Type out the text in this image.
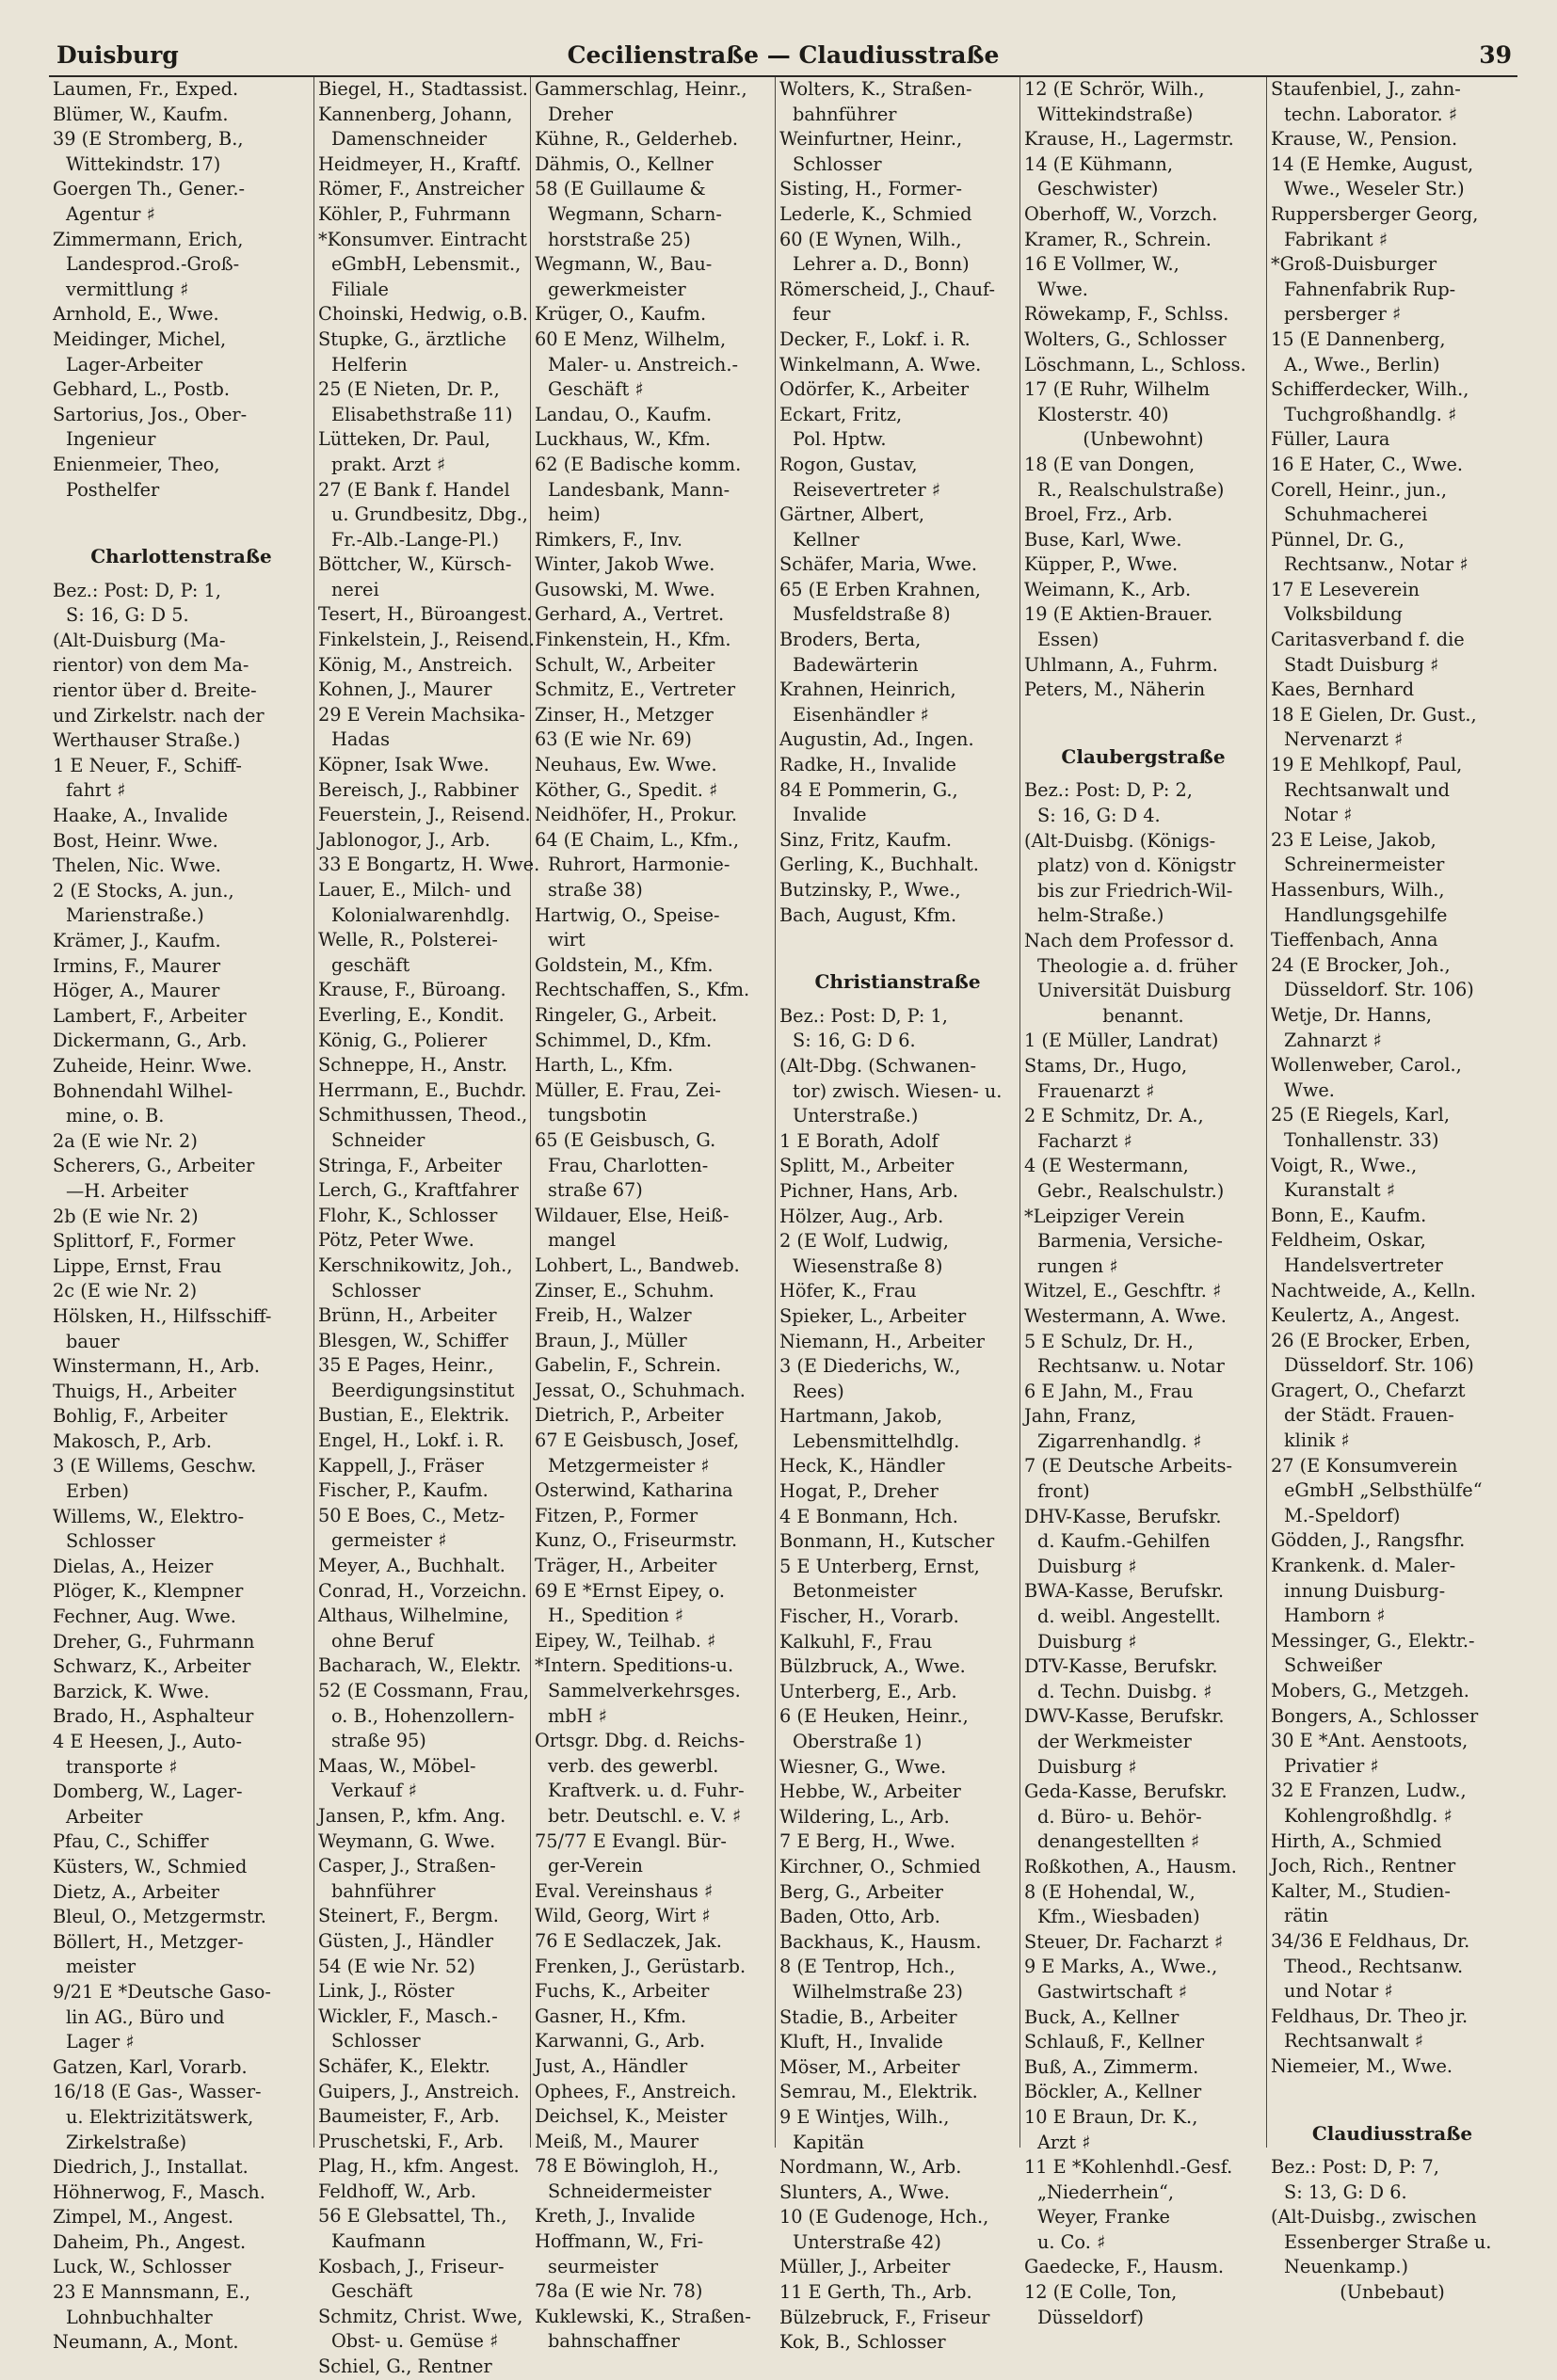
Duisburg	Cecilienstraße — Claudiusstraße	39
Laumen, Fr., Exped.
Blümer, W., Kaufm.
39 (E Stromberg, B.,
Wittekindstr. 17)
Goergen Th., Gener.-
Agentur ♯
Zimmermann, Erich,
Landesprod.-Groß-
vermittlung ♯
Arnhold, E., Wwe.
Meidinger, Michel,
Lager-Arbeiter
Gebhard, L., Postb.
Sartorius, Jos., Ober-
Ingenieur
Enienmeier, Theo,
Posthelfer
Charlottenstraße
Bez.: Post: D, P: 1,
S: 16, G: D 5.
(Alt-Duisburg (Ma-
rientor) von dem Ma-
rientor über d. Breite-
und Zirkelstr. nach der
Werthauser Straße.)
1 E Neuer, F., Schiff-
fahrt ♯
Haake, A., Invalide
Bost, Heinr. Wwe.
Thelen, Nic. Wwe.
2 (E Stocks, A. jun.,
Marienstraße.)
Krämer, J., Kaufm.
Irmins, F., Maurer
Höger, A., Maurer
Lambert, F., Arbeiter
Dickermann, G., Arb.
Zuheide, Heinr. Wwe.
Bohnendahl Wilhel-
mine, o. B.
2a (E wie Nr. 2)
Scherers, G., Arbeiter
—H. Arbeiter
2b (E wie Nr. 2)
Splittorf, F., Former
Lippe, Ernst, Frau
2c (E wie Nr. 2)
Hölsken, H., Hilfsschiff-
bauer
Winstermann, H., Arb.
Thuigs, H., Arbeiter
Bohlig, F., Arbeiter
Makosch, P., Arb.
3 (E Willems, Geschw.
Erben)
Willems, W., Elektro-
Schlosser
Dielas, A., Heizer
Plöger, K., Klempner
Fechner, Aug. Wwe.
Dreher, G., Fuhrmann
Schwarz, K., Arbeiter
Barzick, K. Wwe.
Brado, H., Asphalteur
4 E Heesen, J., Auto-
transporte ♯
Domberg, W., Lager-
Arbeiter
Pfau, C., Schiffer
Küsters, W., Schmied
Dietz, A., Arbeiter
Bleul, O., Metzgermstr.
Böllert, H., Metzger-
meister
9/21 E *Deutsche Gaso-
lin AG., Büro und
Lager ♯
Gatzen, Karl, Vorarb.
16/18 (E Gas-, Wasser-
u. Elektrizitätswerk,
Zirkelstraße)
Diedrich, J., Installat.
Höhnerwog, F., Masch.
Zimpel, M., Angest.
Daheim, Ph., Angest.
Luck, W., Schlosser
23 E Mannsmann, E.,
Lohnbuchhalter
Neumann, A., Mont.
Biegel, H., Stadtassist.
Kannenberg, Johann,
Damenschneider
Heidmeyer, H., Kraftf.
Römer, F., Anstreicher
Köhler, P., Fuhrmann
*Konsumver. Eintracht
eGmbH, Lebensmit.,
Filiale
Choinski, Hedwig, o.B.
Stupke, G., ärztliche
Helferin
25 (E Nieten, Dr. P.,
Elisabethstraße 11)
Lütteken, Dr. Paul,
prakt. Arzt ♯
27 (E Bank f. Handel
u. Grundbesitz, Dbg.,
Fr.-Alb.-Lange-Pl.)
Böttcher, W., Kürsch-
nerei
Tesert, H., Büroangest.
Finkelstein, J., Reisend.
König, M., Anstreich.
Kohnen, J., Maurer
29 E Verein Machsika-
Hadas
Köpner, Isak Wwe.
Bereisch, J., Rabbiner
Feuerstein, J., Reisend.
Jablonogor, J., Arb.
33 E Bongartz, H. Wwe.
Lauer, E., Milch- und
Kolonialwarenhdlg.
Welle, R., Polsterei-
geschäft
Krause, F., Büroang.
Everling, E., Kondit.
König, G., Polierer
Schneppe, H., Anstr.
Herrmann, E., Buchdr.
Schmithussen, Theod.,
Schneider
Stringa, F., Arbeiter
Lerch, G., Kraftfahrer
Flohr, K., Schlosser
Pötz, Peter Wwe.
Kerschnikowitz, Joh.,
Schlosser
Brünn, H., Arbeiter
Blesgen, W., Schiffer
35 E Pages, Heinr.,
Beerdigungsinstitut
Bustian, E., Elektrik.
Engel, H., Lokf. i. R.
Kappell, J., Fräser
Fischer, P., Kaufm.
50 E Boes, C., Metz-
germeister ♯
Meyer, A., Buchhalt.
Conrad, H., Vorzeichn.
Althaus, Wilhelmine,
ohne Beruf
Bacharach, W., Elektr.
52 (E Cossmann, Frau,
o. B., Hohenzollern-
straße 95)
Maas, W., Möbel-
Verkauf ♯
Jansen, P., kfm. Ang.
Weymann, G. Wwe.
Casper, J., Straßen-
bahnführer
Steinert, F., Bergm.
Güsten, J., Händler
54 (E wie Nr. 52)
Link, J., Röster
Wickler, F., Masch.-
Schlosser
Schäfer, K., Elektr.
Guipers, J., Anstreich.
Baumeister, F., Arb.
Pruschetski, F., Arb.
Plag, H., kfm. Angest.
Feldhoff, W., Arb.
56 E Glebsattel, Th.,
Kaufmann
Kosbach, J., Friseur-
Geschäft
Schmitz, Christ. Wwe,
Obst- u. Gemüse ♯
Schiel, G., Rentner
Gammerschlag, Heinr.,
Dreher
Kühne, R., Gelderheb.
Dähmis, O., Kellner
58 (E Guillaume &
Wegmann, Scharn-
horststraße 25)
Wegmann, W., Bau-
gewerkmeister
Krüger, O., Kaufm.
60 E Menz, Wilhelm,
Maler- u. Anstreich.-
Geschäft ♯
Landau, O., Kaufm.
Luckhaus, W., Kfm.
62 (E Badische komm.
Landesbank, Mann-
heim)
Rimkers, F., Inv.
Winter, Jakob Wwe.
Gusowski, M. Wwe.
Gerhard, A., Vertret.
Finkenstein, H., Kfm.
Schult, W., Arbeiter
Schmitz, E., Vertreter
Zinser, H., Metzger
63 (E wie Nr. 69)
Neuhaus, Ew. Wwe.
Köther, G., Spedit. ♯
Neidhöfer, H., Prokur.
64 (E Chaim, L., Kfm.,
Ruhrort, Harmonie-
straße 38)
Hartwig, O., Speise-
wirt
Goldstein, M., Kfm.
Rechtschaffen, S., Kfm.
Ringeler, G., Arbeit.
Schimmel, D., Kfm.
Harth, L., Kfm.
Müller, E. Frau, Zei-
tungsbotin
65 (E Geisbusch, G.
Frau, Charlotten-
straße 67)
Wildauer, Else, Heiß-
mangel
Lohbert, L., Bandweb.
Zinser, E., Schuhm.
Freib, H., Walzer
Braun, J., Müller
Gabelin, F., Schrein.
Jessat, O., Schuhmach.
Dietrich, P., Arbeiter
67 E Geisbusch, Josef,
Metzgermeister ♯
Osterwind, Katharina
Fitzen, P., Former
Kunz, O., Friseurmstr.
Träger, H., Arbeiter
69 E *Ernst Eipey, o.
H., Spedition ♯
Eipey, W., Teilhab. ♯
*Intern. Speditions-u.
Sammelverkehrsges.
mbH ♯
Ortsgr. Dbg. d. Reichs-
verb. des gewerbl.
Kraftverk. u. d. Fuhr-
betr. Deutschl. e. V. ♯
75/77 E Evangl. Bür-
ger-Verein
Eval. Vereinshaus ♯
Wild, Georg, Wirt ♯
76 E Sedlaczek, Jak.
Frenken, J., Gerüstarb.
Fuchs, K., Arbeiter
Gasner, H., Kfm.
Karwanni, G., Arb.
Just, A., Händler
Ophees, F., Anstreich.
Deichsel, K., Meister
Meiß, M., Maurer
78 E Böwingloh, H.,
Schneidermeister
Kreth, J., Invalide
Hoffmann, W., Fri-
seurmeister
78a (E wie Nr. 78)
Kuklewski, K., Straßen-
bahnschaffner
Wolters, K., Straßen-
bahnführer
Weinfurtner, Heinr.,
Schlosser
Sisting, H., Former-
Lederle, K., Schmied
60 (E Wynen, Wilh.,
Lehrer a. D., Bonn)
Römerscheid, J., Chauf-
feur
Decker, F., Lokf. i. R.
Winkelmann, A. Wwe.
Odörfer, K., Arbeiter
Eckart, Fritz,
Pol. Hptw.
Rogon, Gustav,
Reisevertreter ♯
Gärtner, Albert,
Kellner
Schäfer, Maria, Wwe.
65 (E Erben Krahnen,
Musfeldstraße 8)
Broders, Berta,
Badewärterin
Krahnen, Heinrich,
Eisenhändler ♯
Augustin, Ad., Ingen.
Radke, H., Invalide
84 E Pommerin, G.,
Invalide
Sinz, Fritz, Kaufm.
Gerling, K., Buchhalt.
Butzinsky, P., Wwe.,
Bach, August, Kfm.
Christianstraße
Bez.: Post: D, P: 1,
S: 16, G: D 6.
(Alt-Dbg. (Schwanen-
tor) zwisch. Wiesen- u.
Unterstraße.)
1 E Borath, Adolf
Splitt, M., Arbeiter
Pichner, Hans, Arb.
Hölzer, Aug., Arb.
2 (E Wolf, Ludwig,
Wiesenstraße 8)
Höfer, K., Frau
Spieker, L., Arbeiter
Niemann, H., Arbeiter
3 (E Diederichs, W.,
Rees)
Hartmann, Jakob,
Lebensmittelhdlg.
Heck, K., Händler
Hogat, P., Dreher
4 E Bonmann, Hch.
Bonmann, H., Kutscher
5 E Unterberg, Ernst,
Betonmeister
Fischer, H., Vorarb.
Kalkuhl, F., Frau
Bülzbruck, A., Wwe.
Unterberg, E., Arb.
6 (E Heuken, Heinr.,
Oberstraße 1)
Wiesner, G., Wwe.
Hebbe, W., Arbeiter
Wildering, L., Arb.
7 E Berg, H., Wwe.
Kirchner, O., Schmied
Berg, G., Arbeiter
Baden, Otto, Arb.
Backhaus, K., Hausm.
8 (E Tentrop, Hch.,
Wilhelmstraße 23)
Stadie, B., Arbeiter
Kluft, H., Invalide
Möser, M., Arbeiter
Semrau, M., Elektrik.
9 E Wintjes, Wilh.,
Kapitän
Nordmann, W., Arb.
Slunters, A., Wwe.
10 (E Gudenoge, Hch.,
Unterstraße 42)
Müller, J., Arbeiter
11 E Gerth, Th., Arb.
Bülzebruck, F., Friseur
Kok, B., Schlosser
12 (E Schrör, Wilh.,
Wittekindstraße)
Krause, H., Lagermstr.
14 (E Kühmann,
Geschwister)
Oberhoff, W., Vorzch.
Kramer, R., Schrein.
16 E Vollmer, W.,
Wwe.
Röwekamp, F., Schlss.
Wolters, G., Schlosser
Löschmann, L., Schloss.
17 (E Ruhr, Wilhelm
Klosterstr. 40)
(Unbewohnt)
18 (E van Dongen,
R., Realschulstraße)
Broel, Frz., Arb.
Buse, Karl, Wwe.
Küpper, P., Wwe.
Weimann, K., Arb.
19 (E Aktien-Brauer.
Essen)
Uhlmann, A., Fuhrm.
Peters, M., Näherin
Claubergstraße
Bez.: Post: D, P: 2,
S: 16, G: D 4.
(Alt-Duisbg. (Königs-
platz) von d. Königstr
bis zur Friedrich-Wil-
helm-Straße.)
Nach dem Professor d.
Theologie a. d. früher
Universität Duisburg
benannt.
1 (E Müller, Landrat)
Stams, Dr., Hugo,
Frauenarzt ♯
2 E Schmitz, Dr. A.,
Facharzt ♯
4 (E Westermann,
Gebr., Realschulstr.)
*Leipziger Verein
Barmenia, Versiche-
rungen ♯
Witzel, E., Geschftr. ♯
Westermann, A. Wwe.
5 E Schulz, Dr. H.,
Rechtsanw. u. Notar
6 E Jahn, M., Frau
Jahn, Franz,
Zigarrenhandlg. ♯
7 (E Deutsche Arbeits-
front)
DHV-Kasse, Berufskr.
d. Kaufm.-Gehilfen
Duisburg ♯
BWA-Kasse, Berufskr.
d. weibl. Angestellt.
Duisburg ♯
DTV-Kasse, Berufskr.
d. Techn. Duisbg. ♯
DWV-Kasse, Berufskr.
der Werkmeister
Duisburg ♯
Geda-Kasse, Berufskr.
d. Büro- u. Behör-
denangestellten ♯
Roßkothen, A., Hausm.
8 (E Hohendal, W.,
Kfm., Wiesbaden)
Steuer, Dr. Facharzt ♯
9 E Marks, A., Wwe.,
Gastwirtschaft ♯
Buck, A., Kellner
Schlauß, F., Kellner
Buß, A., Zimmerm.
Böckler, A., Kellner
10 E Braun, Dr. K.,
Arzt ♯
11 E *Kohlenhdl.-Gesf.
„Niederrhein“,
Weyer, Franke
u. Co. ♯
Gaedecke, F., Hausm.
12 (E Colle, Ton,
Düsseldorf)
Staufenbiel, J., zahn-
techn. Laborator. ♯
Krause, W., Pension.
14 (E Hemke, August,
Wwe., Weseler Str.)
Ruppersberger Georg,
Fabrikant ♯
*Groß-Duisburger
Fahnenfabrik Rup-
persberger ♯
15 (E Dannenberg,
A., Wwe., Berlin)
Schifferdecker, Wilh.,
Tuchgroßhandlg. ♯
Füller, Laura
16 E Hater, C., Wwe.
Corell, Heinr., jun.,
Schuhmacherei
Pünnel, Dr. G.,
Rechtsanw., Notar ♯
17 E Leseverein
Volksbildung
Caritasverband f. die
Stadt Duisburg ♯
Kaes, Bernhard
18 E Gielen, Dr. Gust.,
Nervenarzt ♯
19 E Mehlkopf, Paul,
Rechtsanwalt und
Notar ♯
23 E Leise, Jakob,
Schreinermeister
Hassenburs, Wilh.,
Handlungsgehilfe
Tieffenbach, Anna
24 (E Brocker, Joh.,
Düsseldorf. Str. 106)
Wetje, Dr. Hanns,
Zahnarzt ♯
Wollenweber, Carol.,
Wwe.
25 (E Riegels, Karl,
Tonhallenstr. 33)
Voigt, R., Wwe.,
Kuranstalt ♯
Bonn, E., Kaufm.
Feldheim, Oskar,
Handelsvertreter
Nachtweide, A., Kelln.
Keulertz, A., Angest.
26 (E Brocker, Erben,
Düsseldorf. Str. 106)
Gragert, O., Chefarzt
der Städt. Frauen-
klinik ♯
27 (E Konsumverein
eGmbH „Selbsthülfe“
M.-Speldorf)
Gödden, J., Rangsfhr.
Krankenk. d. Maler-
innung Duisburg-
Hamborn ♯
Messinger, G., Elektr.-
Schweißer
Mobers, G., Metzgeh.
Bongers, A., Schlosser
30 E *Ant. Aenstoots,
Privatier ♯
32 E Franzen, Ludw.,
Kohlengroßhdlg. ♯
Hirth, A., Schmied
Joch, Rich., Rentner
Kalter, M., Studien-
rätin
34/36 E Feldhaus, Dr.
Theod., Rechtsanw.
und Notar ♯
Feldhaus, Dr. Theo jr.
Rechtsanwalt ♯
Niemeier, M., Wwe.
Claudiusstraße
Bez.: Post: D, P: 7,
S: 13, G: D 6.
(Alt-Duisbg., zwischen
Essenberger Straße u.
Neuenkamp.)
(Unbebaut)
